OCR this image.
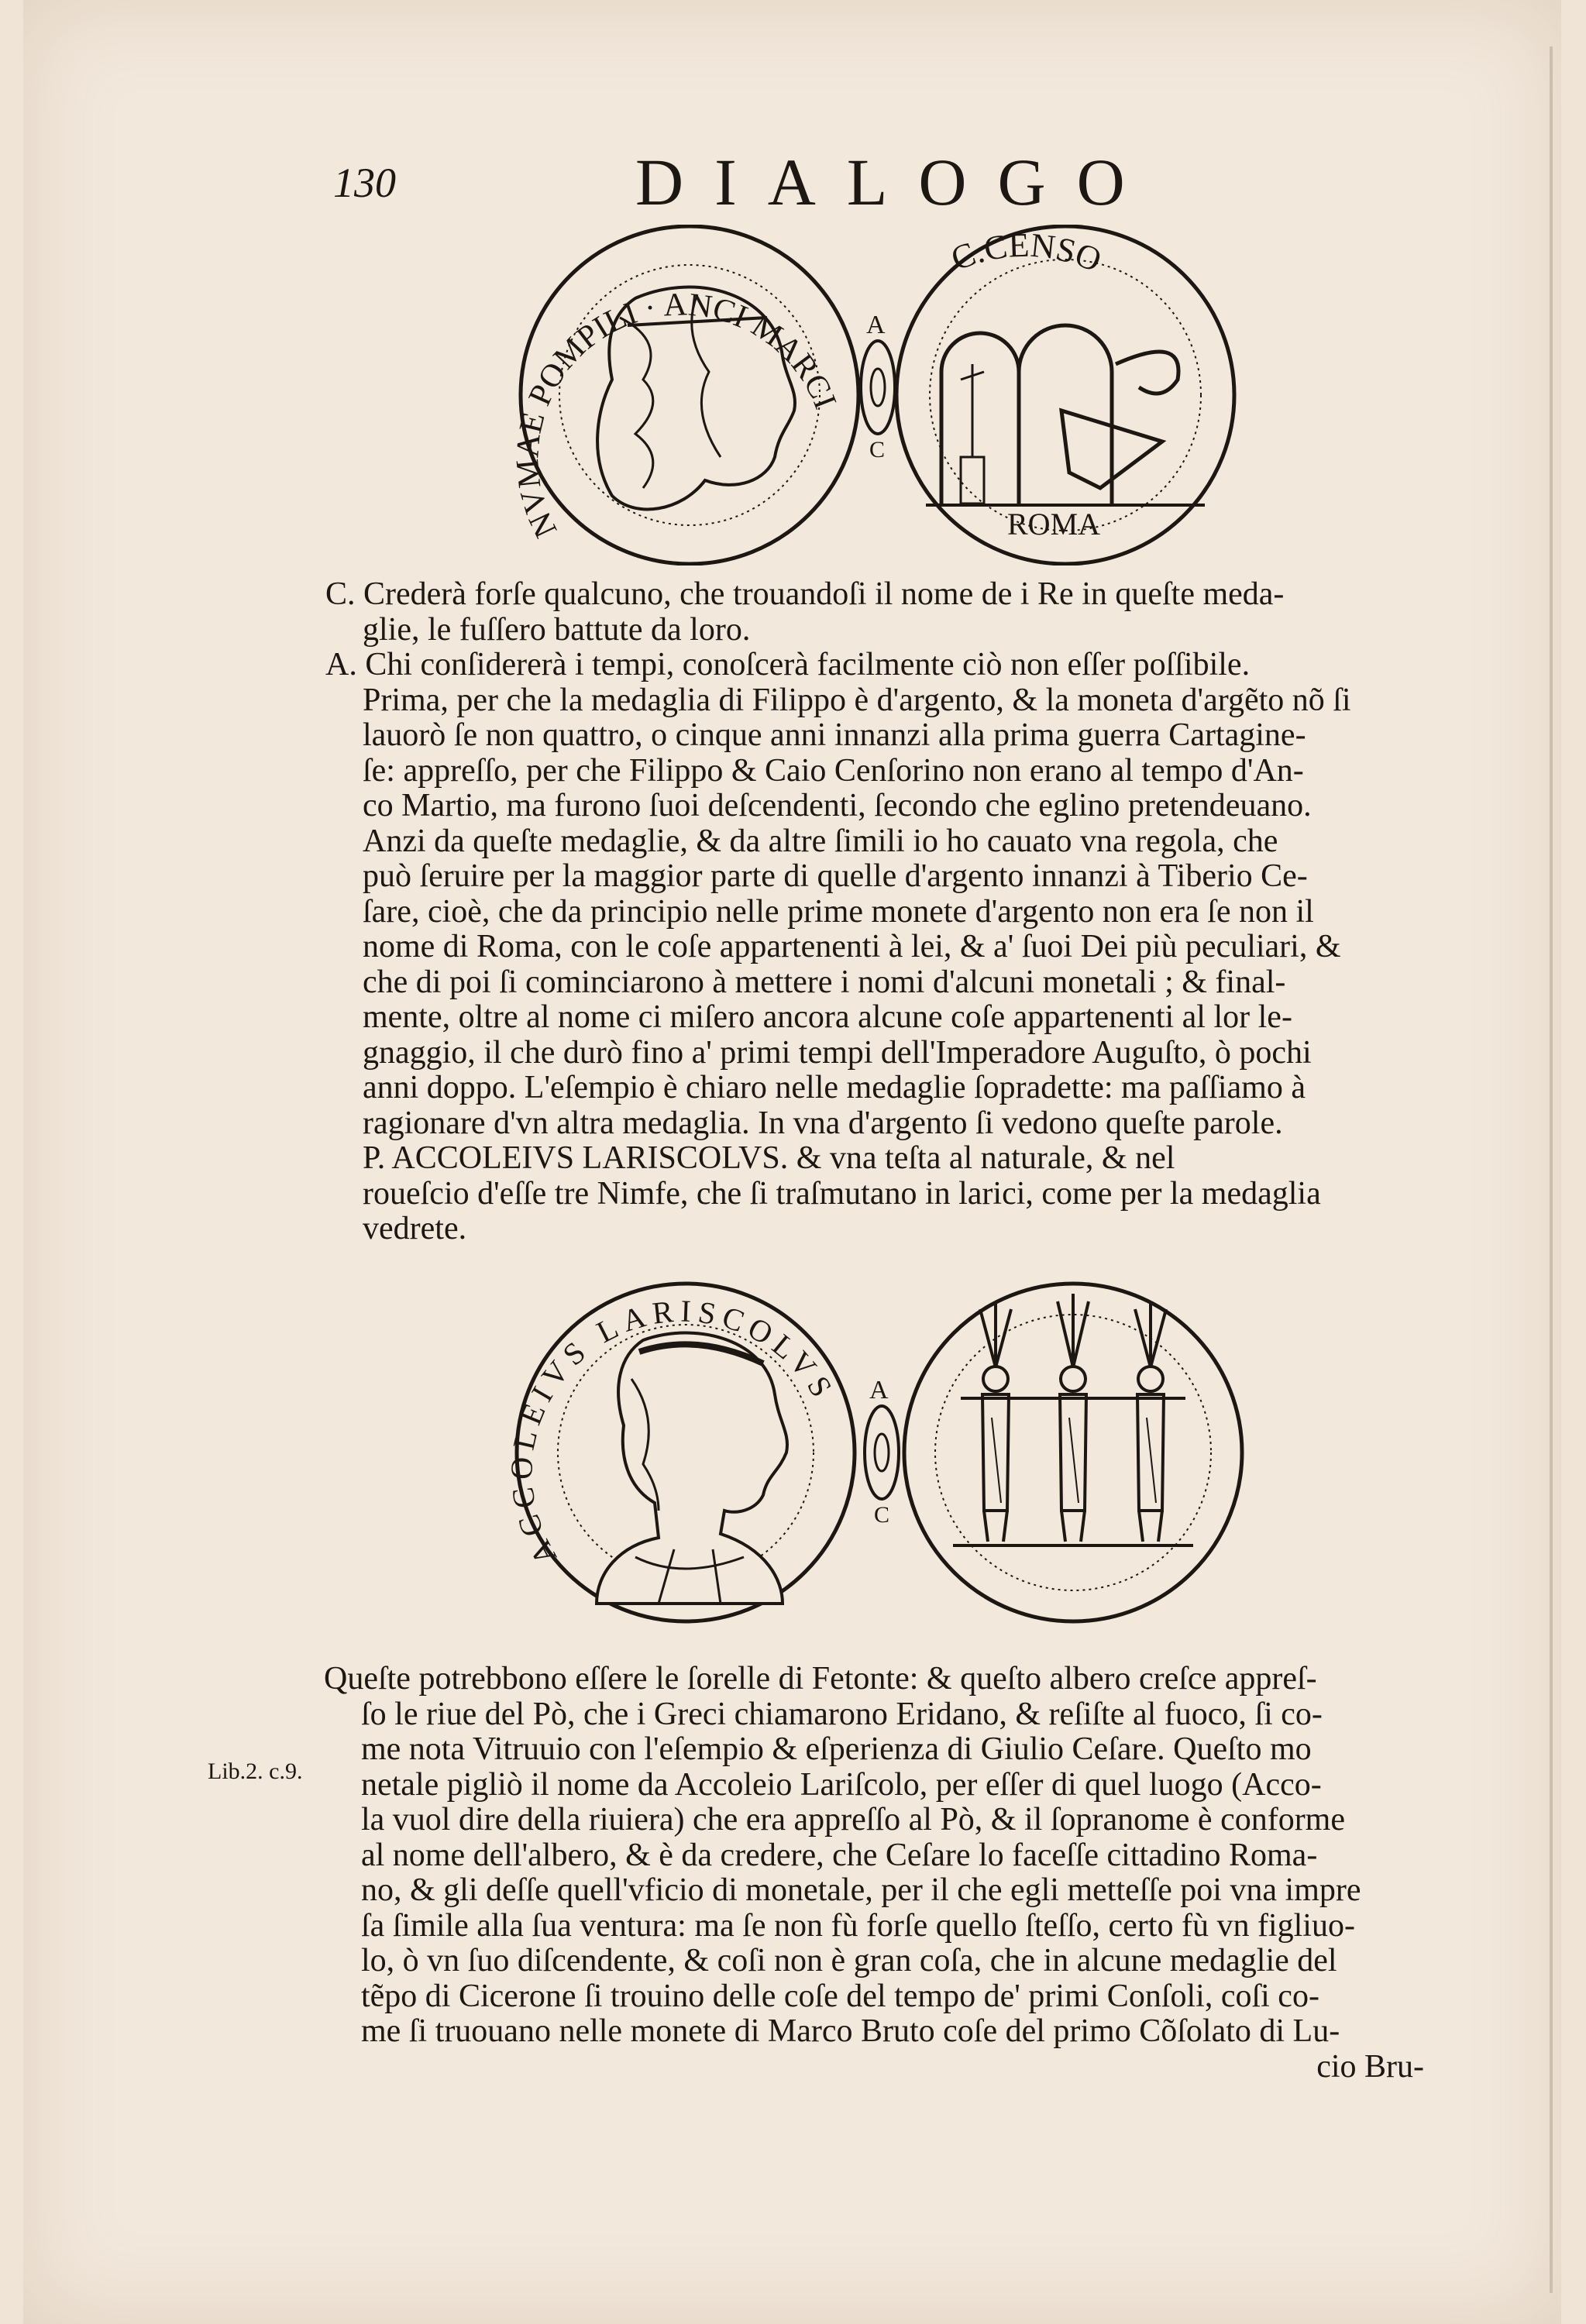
130	DIALOGO
NVMAE POMPILI · ANCI MARCI
A
C
C.CENSO
ROMA
C. Crederà forſe qualcuno, che trouandoſi il nome de i Re in queſte meda-
glie, le fuſſero battute da loro.
A. Chi conſidererà i tempi, conoſcerà facilmente ciò non eſſer poſſibile.
Prima, per che la medaglia di Filippo è d'argento, & la moneta d'argẽto nõ ſi
lauorò ſe non quattro, o cinque anni innanzi alla prima guerra Cartagine-
ſe: appreſſo, per che Filippo & Caio Cenſorino non erano al tempo d'An-
co Martio, ma furono ſuoi deſcendenti, ſecondo che eglino pretendeuano.
Anzi da queſte medaglie, & da altre ſimili io ho cauato vna regola, che
può ſeruire per la maggior parte di quelle d'argento innanzi à Tiberio Ce-
ſare, cioè, che da principio nelle prime monete d'argento non era ſe non il
nome di Roma, con le coſe appartenenti à lei, & a' ſuoi Dei più peculiari, &
che di poi ſi cominciarono à mettere i nomi d'alcuni monetali ; & final-
mente, oltre al nome ci miſero ancora alcune coſe appartenenti al lor le-
gnaggio, il che durò fino a' primi tempi dell'Imperadore Auguſto, ò pochi
anni doppo. L'eſempio è chiaro nelle medaglie ſopradette: ma paſſiamo à
ragionare d'vn altra medaglia. In vna d'argento ſi vedono queſte parole.
P. ACCOLEIVS LARISCOLVS. & vna teſta al naturale, & nel
roueſcio d'eſſe tre Nimfe, che ſi traſmutano in larici, come per la medaglia
vedrete.
ACCOLEIVS LARISCOLVS A
C
Queſte potrebbono eſſere le ſorelle di Fetonte: & queſto albero creſce appreſ-
ſo le riue del Pò, che i Greci chiamarono Eridano, & reſiſte al fuoco, ſi co-
me nota Vitruuio con l'eſempio & eſperienza di Giulio Ceſare. Queſto mo
netale pigliò il nome da Accoleio Lariſcolo, per eſſer di quel luogo (Acco-
la vuol dire della riuiera) che era appreſſo al Pò, & il ſopranome è conforme
al nome dell'albero, & è da credere, che Ceſare lo faceſſe cittadino Roma-
no, & gli deſſe quell'vficio di monetale, per il che egli metteſſe poi vna impre
ſa ſimile alla ſua ventura: ma ſe non fù forſe quello ſteſſo, certo fù vn figliuo-
lo, ò vn ſuo diſcendente, & coſi non è gran coſa, che in alcune medaglie del
tẽpo di Cicerone ſi trouino delle coſe del tempo de' primi Conſoli, coſi co-
me ſi truouano nelle monete di Marco Bruto coſe del primo Cõſolato di Lu-
cio Bru-
Lib.2. c.9.
